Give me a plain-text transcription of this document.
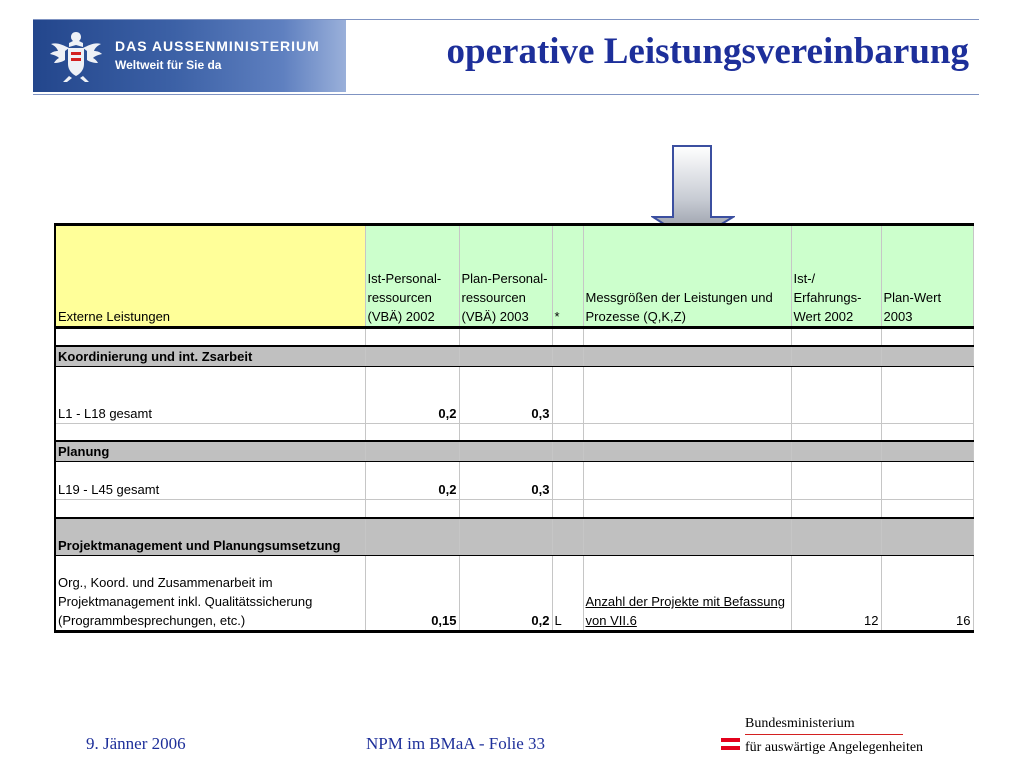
DAS AUSSENMINISTERIUM
Weltweit für Sie da	operative Leistungsvereinbarung
Externe Leistungen	Ist-Personal-ressourcen (VBÄ) 2002	Plan-Personal-ressourcen (VBÄ) 2003	*	Messgrößen der Leistungen und Prozesse (Q,K,Z)	Ist-/ Erfahrungs-Wert 2002	Plan-Wert 2003

Koordinierung und int. Zsarbeit						
L1 - L18 gesamt	0,2	0,3				

Planung						
L19 - L45 gesamt	0,2	0,3				

Projektmanagement und Planungsumsetzung						
Org., Koord. und Zusammenarbeit im Projektmanagement inkl. Qualitätssicherung (Programmbesprechungen, etc.)	0,15	0,2	L	Anzahl der Projekte mit Befassung von VII.6	12	16
9. Jänner 2006	NPM im BMaA - Folie 33
Bundesministerium
für auswärtige Angelegenheiten
